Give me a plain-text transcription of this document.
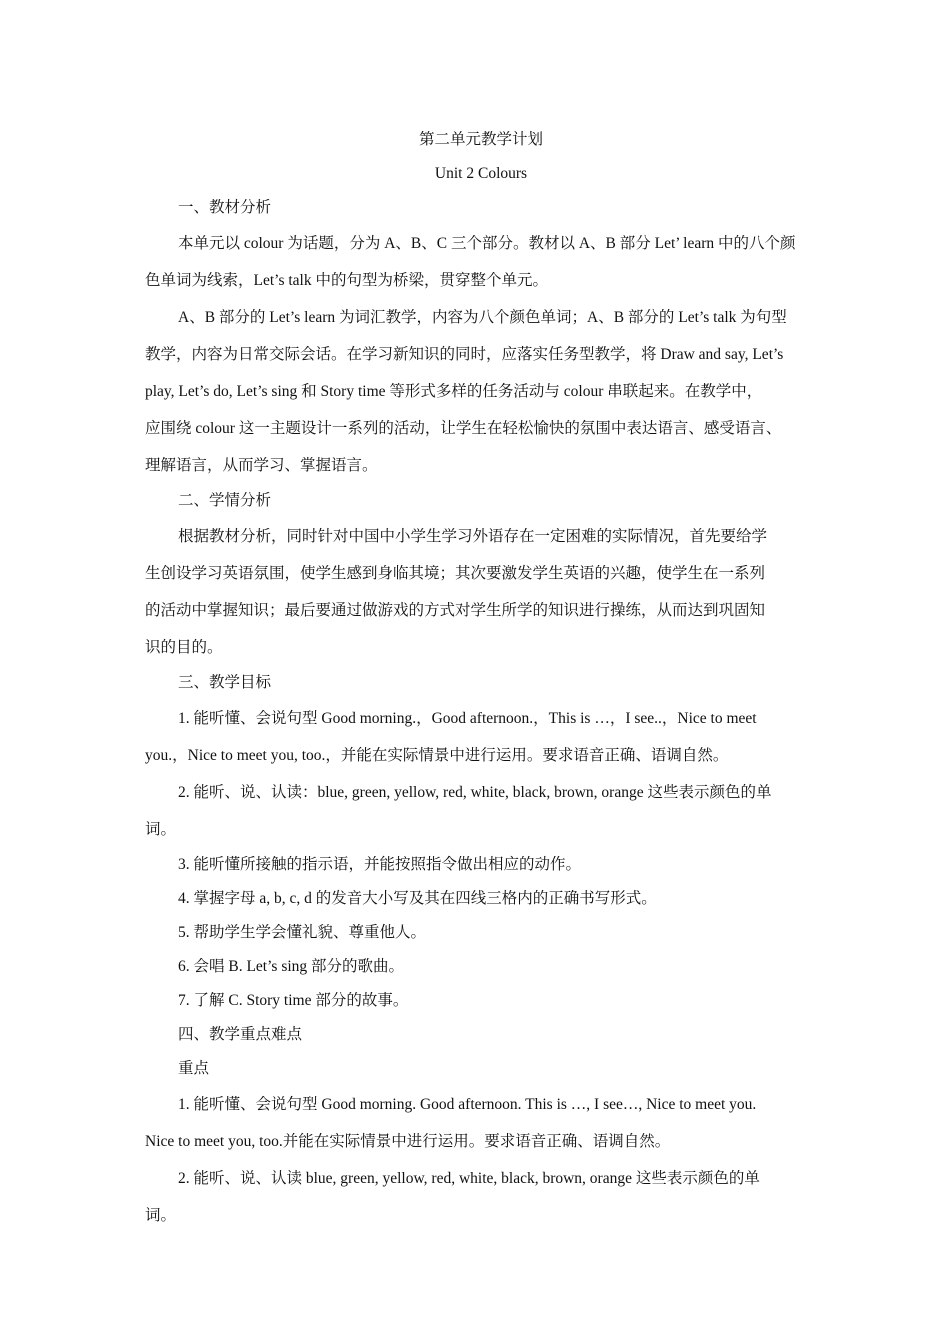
第二单元教学计划
Unit 2 Colours
一、教材分析
本单元以 colour 为话题，分为 A、B、C 三个部分。教材以 A、B 部分 Let’ learn 中的八个颜
色单词为线索，Let’s talk 中的句型为桥梁，贯穿整个单元。
A、B 部分的 Let’s learn 为词汇教学，内容为八个颜色单词；A、B 部分的 Let’s talk 为句型
教学，内容为日常交际会话。在学习新知识的同时，应落实任务型教学，将 Draw and say, Let’s
play, Let’s do, Let’s sing 和 Story time 等形式多样的任务活动与 colour 串联起来。在教学中，
应围绕 colour 这一主题设计一系列的活动，让学生在轻松愉快的氛围中表达语言、感受语言、
理解语言，从而学习、掌握语言。
二、学情分析
根据教材分析，同时针对中国中小学生学习外语存在一定困难的实际情况，首先要给学
生创设学习英语氛围，使学生感到身临其境；其次要激发学生英语的兴趣，使学生在一系列
的活动中掌握知识；最后要通过做游戏的方式对学生所学的知识进行操练，从而达到巩固知
识的目的。
三、教学目标
1. 能听懂、会说句型 Good morning.，Good afternoon.，This is …，I see..，Nice to meet
you.，Nice to meet you, too.，并能在实际情景中进行运用。要求语音正确、语调自然。
2. 能听、说、认读：blue, green, yellow, red, white, black, brown, orange 这些表示颜色的单
词。
3. 能听懂所接触的指示语，并能按照指令做出相应的动作。
4. 掌握字母 a, b, c, d 的发音大小写及其在四线三格内的正确书写形式。
5. 帮助学生学会懂礼貌、尊重他人。
6. 会唱 B. Let’s sing 部分的歌曲。
7. 了解 C. Story time 部分的故事。
四、教学重点难点
重点
1. 能听懂、会说句型 Good morning. Good afternoon. This is …, I see…, Nice to meet you.
Nice to meet you, too.并能在实际情景中进行运用。要求语音正确、语调自然。
2. 能听、说、认读 blue, green, yellow, red, white, black, brown, orange 这些表示颜色的单
词。
